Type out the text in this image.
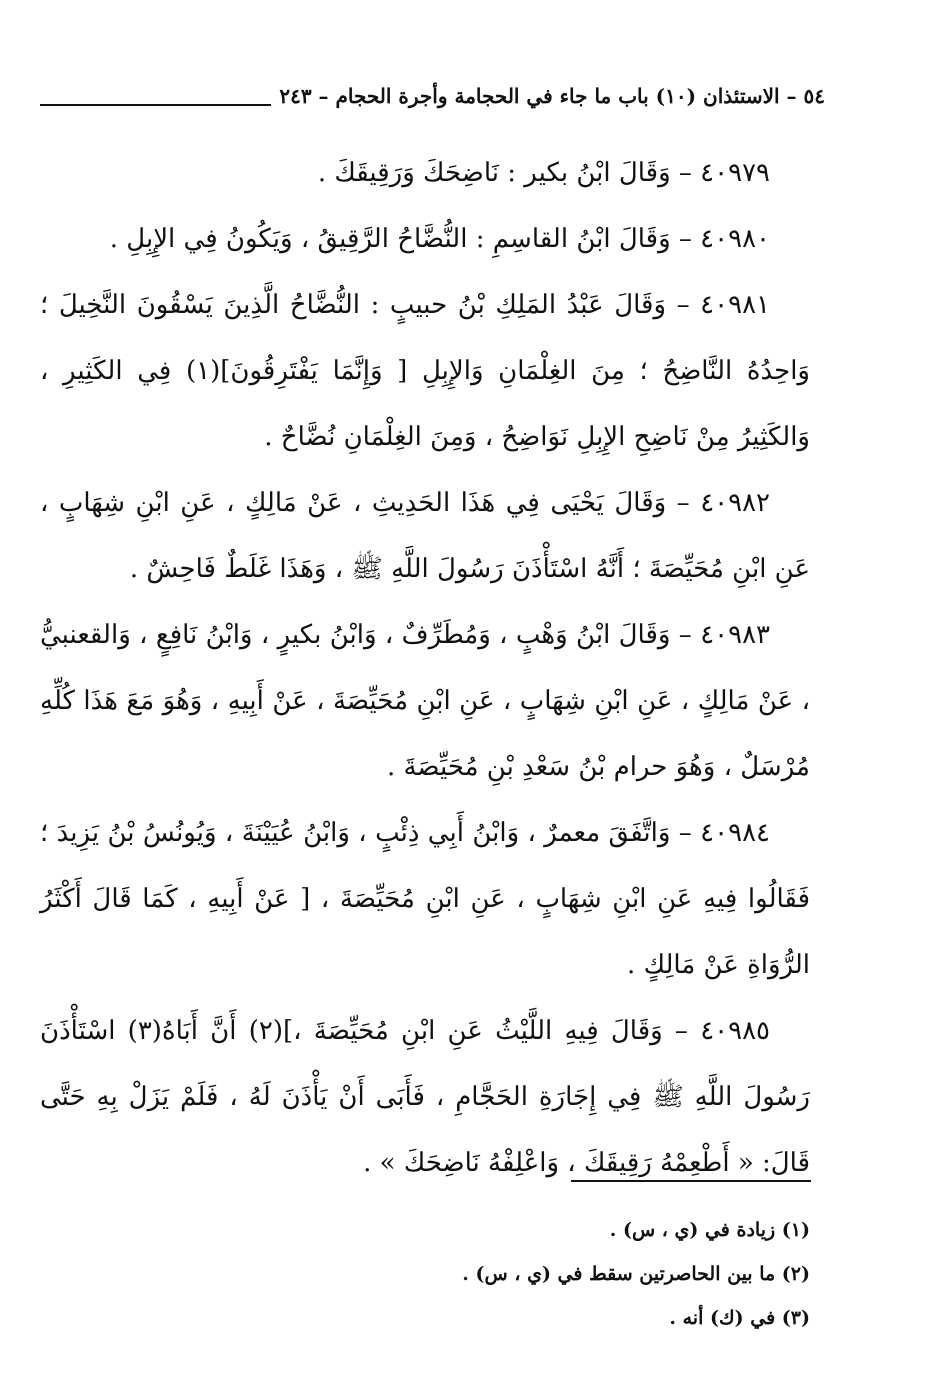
٥٤ – الاستئذان (١٠) باب ما جاء في الحجامة وأجرة الحجام – ٢٤٣

٤٠٩٧٩ – وَقَالَ ابْنُ بكير : نَاضِحَكَ وَرَقِيقَكَ .

٤٠٩٨٠ – وَقَالَ ابْنُ القاسِمِ : النُّضَّاحُ الرَّقِيقُ ، وَيَكُونُ فِي الإِبِلِ .

٤٠٩٨١ – وَقَالَ عَبْدُ المَلِكِ بْنُ حبيبٍ : النُّضَّاحُ الَّذِينَ يَسْقُونَ النَّخِيلَ ؛ وَاحِدُهُ النَّاضِحُ ؛ مِنَ الغِلْمَانِ وَالإِبِلِ [ وَإِنَّمَا يَفْتَرِقُونَ](١) فِي الكَثِيرِ ، وَالكَثِيرُ مِنْ نَاضِحِ الإِبِلِ نَوَاضِحُ ، وَمِنَ الغِلْمَانِ نُضَّاحٌ .

٤٠٩٨٢ – وَقَالَ يَحْيَى فِي هَذَا الحَدِيثِ ، عَنْ مَالِكٍ ، عَنِ ابْنِ شِهَابٍ ، عَنِ ابْنِ مُحَيِّصَةَ ؛ أَنَّهُ اسْتَأْذَنَ رَسُولَ اللَّهِ ﷺ ، وَهَذَا غَلَطٌ فَاحِشٌ .

٤٠٩٨٣ – وَقَالَ ابْنُ وَهْبٍ ، وَمُطَرِّفٌ ، وَابْنُ بكيرٍ ، وَابْنُ نَافِعٍ ، وَالقعنبيُّ ، عَنْ مَالِكٍ ، عَنِ ابْنِ شِهَابٍ ، عَنِ ابْنِ مُحَيِّصَةَ ، عَنْ أَبِيهِ ، وَهُوَ مَعَ هَذَا كُلِّهِ مُرْسَلٌ ، وَهُوَ حرام بْنُ سَعْدِ بْنِ مُحَيِّصَةَ .

٤٠٩٨٤ – وَاتَّفَقَ معمرٌ ، وَابْنُ أَبِي ذِئْبٍ ، وَابْنُ عُيَيْنَةَ ، وَيُونُسُ بْنُ يَزِيدَ ؛ فَقَالُوا فِيهِ عَنِ ابْنِ شِهَابٍ ، عَنِ ابْنِ مُحَيِّصَةَ ، [ عَنْ أَبِيهِ ، كَمَا قَالَ أَكْثَرُ الرُّوَاةِ عَنْ مَالِكٍ .

٤٠٩٨٥ – وَقَالَ فِيهِ اللَّيْثُ عَنِ ابْنِ مُحَيِّصَةَ ،](٢) أَنَّ أَبَاهُ(٣) اسْتَأْذَنَ رَسُولَ اللَّهِ ﷺ فِي إِجَارَةِ الحَجَّامِ ، فَأَبَى أَنْ يَأْذَنَ لَهُ ، فَلَمْ يَزَلْ بِهِ حَتَّى قَالَ: « أَطْعِمْهُ رَقِيقَكَ ، وَاعْلِفْهُ نَاضِحَكَ » .

(١) زيادة في (ي ، س) .

(٢) ما بين الحاصرتين سقط في (ي ، س) .

(٣) في (ك) أنه .
